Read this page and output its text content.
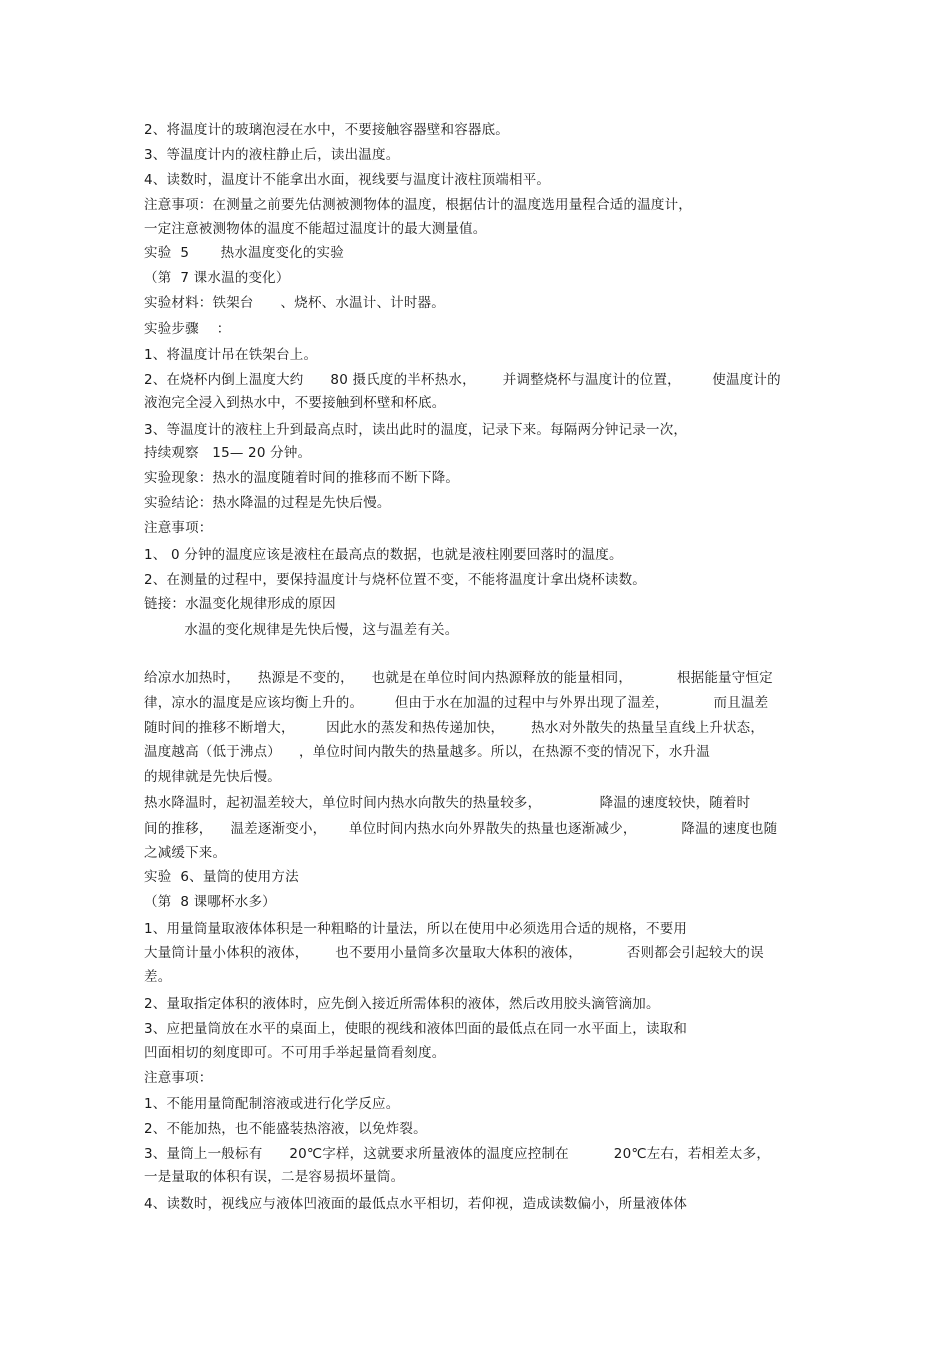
2、将温度计的玻璃泡浸在水中，不要接触容器壁和容器底。
3、等温度计内的液柱静止后，读出温度。
4、读数时，温度计不能拿出水面，视线要与温度计液柱顶端相平。
注意事项：在测量之前要先估测被测物体的温度，根据估计的温度选用量程合适的温度计，
一定注意被测物体的温度不能超过温度计的最大测量值。
实验  5       热水温度变化的实验
（第  7 课水温的变化）
实验材料：铁架台      、烧杯、水温计、计时器。
实验步骤    ：
1、将温度计吊在铁架台上。
2、在烧杯内倒上温度大约      80 摄氏度的半杯热水，      并调整烧杯与温度计的位置，       使温度计的
液泡完全浸入到热水中，不要接触到杯壁和杯底。
3、等温度计的液柱上升到最高点时，读出此时的温度，记录下来。每隔两分钟记录一次，
持续观察   15— 20 分钟。
实验现象：热水的温度随着时间的推移而不断下降。
实验结论：热水降温的过程是先快后慢。
注意事项：
1、 0 分钟的温度应该是液柱在最高点的数据，也就是液柱刚要回落时的温度。
2、在测量的过程中，要保持温度计与烧杯位置不变，不能将温度计拿出烧杯读数。
链接：水温变化规律形成的原因
水温的变化规律是先快后慢，这与温差有关。
给凉水加热时，    热源是不变的，    也就是在单位时间内热源释放的能量相同，          根据能量守恒定
律，凉水的温度是应该均衡上升的。       但由于水在加温的过程中与外界出现了温差，          而且温差
随时间的推移不断增大，       因此水的蒸发和热传递加快，      热水对外散失的热量呈直线上升状态，
温度越高（低于沸点）    ，单位时间内散失的热量越多。所以，在热源不变的情况下，水升温
的规律就是先快后慢。
热水降温时，起初温差较大，单位时间内热水向散失的热量较多，             降温的速度较快，随着时
间的推移，    温差逐渐变小，     单位时间内热水向外界散失的热量也逐渐减少，          降温的速度也随
之减缓下来。
实验  6、量筒的使用方法
（第  8 课哪杯水多）
1、用量筒量取液体体积是一种粗略的计量法，所以在使用中必须选用合适的规格，不要用
大量筒计量小体积的液体，      也不要用小量筒多次量取大体积的液体，          否则都会引起较大的误
差。
2、量取指定体积的液体时，应先倒入接近所需体积的液体，然后改用胶头滴管滴加。
3、应把量筒放在水平的桌面上，使眼的视线和液体凹面的最低点在同一水平面上，读取和
凹面相切的刻度即可。不可用手举起量筒看刻度。
注意事项：
1、不能用量筒配制溶液或进行化学反应。
2、不能加热，也不能盛装热溶液，以免炸裂。
3、量筒上一般标有      20℃字样，这就要求所量液体的温度应控制在          20℃左右，若相差太多，
一是量取的体积有误，二是容易损坏量筒。
4、读数时，视线应与液体凹液面的最低点水平相切，若仰视，造成读数偏小，所量液体体
